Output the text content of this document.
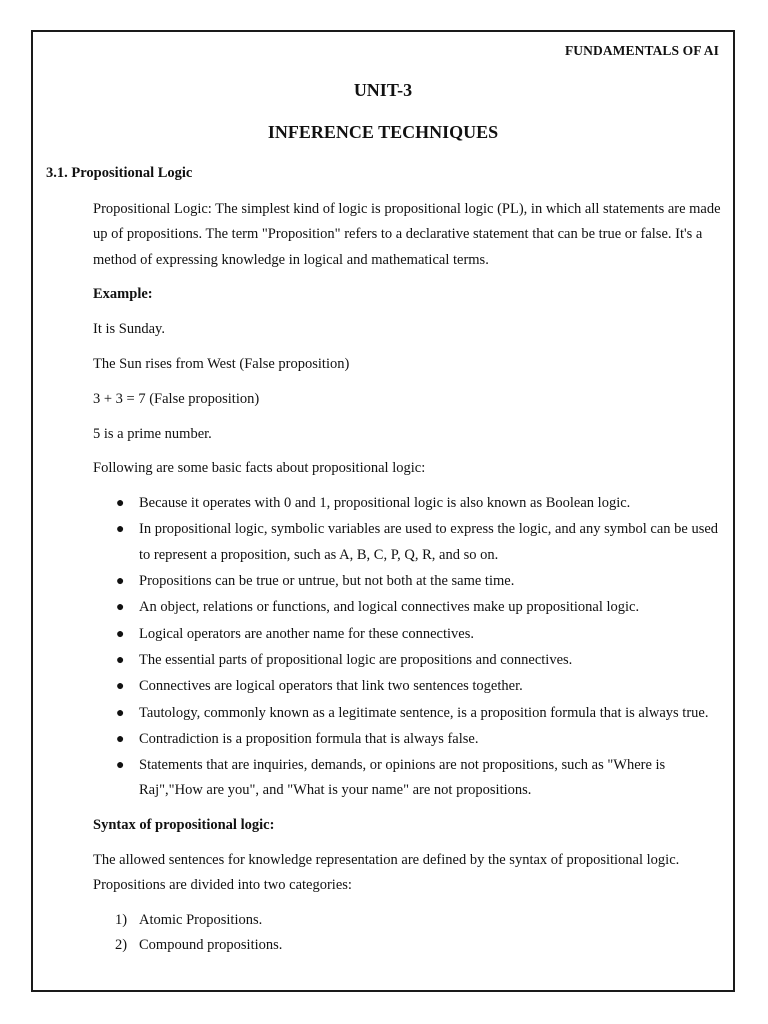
FUNDAMENTALS OF AI
UNIT-3
INFERENCE TECHNIQUES
3.1. Propositional Logic

Propositional Logic: The simplest kind of logic is propositional logic (PL), in which all statements are made up of propositions. The term "Proposition" refers to a declarative statement that can be true or false. It's a method of expressing knowledge in logical and mathematical terms.

Example:

It is Sunday.

The Sun rises from West (False proposition)

3 + 3 = 7 (False proposition)

5 is a prime number.

Following are some basic facts about propositional logic:

● Because it operates with 0 and 1, propositional logic is also known as Boolean logic.
● In propositional logic, symbolic variables are used to express the logic, and any symbol can be used to represent a proposition, such as A, B, C, P, Q, R, and so on.
● Propositions can be true or untrue, but not both at the same time.
● An object, relations or functions, and logical connectives make up propositional logic.
● Logical operators are another name for these connectives.
● The essential parts of propositional logic are propositions and connectives.
● Connectives are logical operators that link two sentences together.
● Tautology, commonly known as a legitimate sentence, is a proposition formula that is always true.
● Contradiction is a proposition formula that is always false.
● Statements that are inquiries, demands, or opinions are not propositions, such as "Where is Raj","How are you", and "What is your name" are not propositions.

Syntax of propositional logic:

The allowed sentences for knowledge representation are defined by the syntax of propositional logic. Propositions are divided into two categories:

1) Atomic Propositions.
2) Compound propositions.
